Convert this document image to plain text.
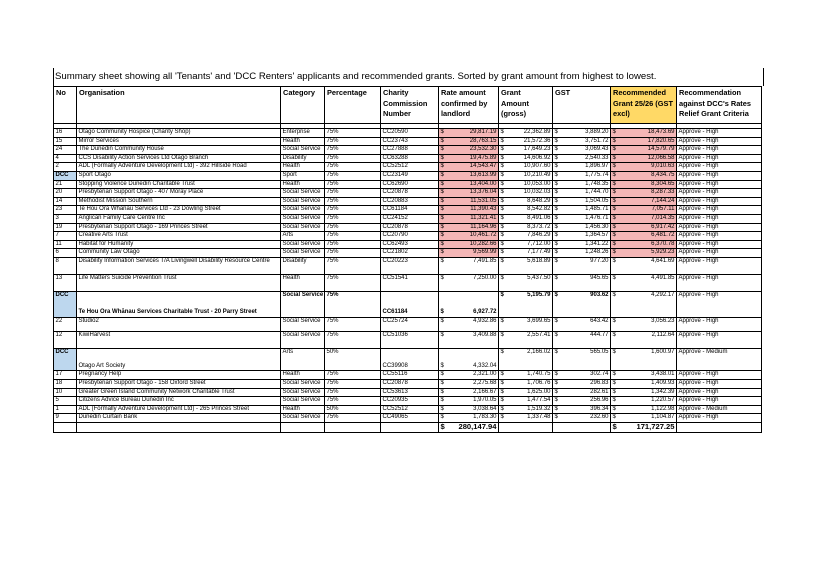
Summary sheet showing all 'Tenants' and 'DCC Renters' applicants and recommended grants. Sorted by grant amount from highest to lowest.
No	Organisation	Category	Percentage	Charity Commission Number	Rate amount confirmed by landlord	Grant Amount (gross)	GST	Recommended Grant 25/26 (GST excl)	Recommendation against DCC's Rates Relief Grant Criteria

16	Otago Community Hospice (Charity Shop)	Enterprise	75%	CC20590	$ 29,817.19	$ 22,362.89	$ 3,889.20	$ 18,473.69	Approve - High
15	Mirror Services	Health	75%	CC23743	$ 28,763.15	$ 21,572.36	$ 3,751.72	$ 17,820.65	Approve - High
24	The Dunedin Community House	Social Service	75%	CC27888	$ 23,532.30	$ 17,649.23	$ 3,069.43	$ 14,579.79	Approve - High
4	CCS Disability Action Services Ltd Otago Branch	Disability	75%	CC63288	$ 19,475.89	$ 14,606.92	$ 2,540.33	$ 12,066.58	Approve - High
2	ADL (Formally Adventure Development Ltd) - 392 Hillside Road	Health	75%	CC52512	$ 14,543.47	$ 10,907.60	$ 1,896.97	$ 9,010.63	Approve - High
DCC	Sport Otago	Sport	75%	CC23149	$ 13,613.99	$ 10,210.49	$ 1,775.74	$ 8,434.75	Approve - High
21	Stopping Violence Dunedin Charitable Trust	Health	75%	CC62690	$ 13,404.00	$ 10,053.00	$ 1,748.35	$ 8,304.65	Approve - High
20	Presbyterian Support Otago - 407 Moray Place	Social Service	75%	CC20878	$ 13,376.04	$ 10,032.03	$ 1,744.70	$ 8,287.33	Approve - High
14	Methodist Mission Southern	Social Service	75%	CC20883	$ 11,531.05	$ 8,648.29	$ 1,504.05	$ 7,144.24	Approve - High
23	Te Hou Ora Whanau Services Ltd - 23 Dowling Street	Social Service	75%	CC61184	$ 11,390.43	$ 8,542.82	$ 1,485.71	$ 7,057.11	Approve - High
3	Anglican Family Care Centre Inc	Social Service	75%	CC24152	$ 11,321.41	$ 8,491.06	$ 1,476.71	$ 7,014.35	Approve - High
19	Presbyterian Support Otago - 169 Princes Street	Social Service	75%	CC20878	$ 11,164.96	$ 8,373.72	$ 1,456.30	$ 6,917.42	Approve - High
7	Creative Arts Trust	Arts	75%	CC20790	$ 10,461.72	$ 7,846.29	$ 1,364.57	$ 6,481.72	Approve - High
11	Habitat for Humanity	Social Service	75%	CC62493	$ 10,282.66	$ 7,712.00	$ 1,341.22	$ 6,370.78	Approve - High
6	Community Law Otago	Social Service	75%	CC21802	$ 9,569.99	$ 7,177.49	$ 1,248.26	$ 5,929.23	Approve - High
8	Disability Information Services T/A Livingwell Disability Resource Centre	Disability	75%	CC20223	$ 7,491.85	$ 5,618.89	$ 977.20	$ 4,641.69	Approve - High
13	Life Matters Suicide Prevention Trust	Health	75%	CC51541	$ 7,250.00	$ 5,437.50	$ 945.65	$ 4,491.85	Approve - High
DCC	Te Hou Ora Whānau Services Charitable Trust - 20 Parry Street	Social Service	75%	CC61184	$ 6,927.72	$ 5,195.79	$ 903.62	$ 4,292.17	Approve - High
22	Studio2	Social Service	75%	CC25724	$ 4,932.86	$ 3,699.65	$ 643.42	$ 3,056.23	Approve - High
12	KiwiHarvest	Social Service	75%	CC51036	$ 3,409.88	$ 2,557.41	$ 444.77	$ 2,112.64	Approve - High
DCC	Otago Art Society	Arts	50%	CC39908	$ 4,332.04	$ 2,166.02	$ 565.05	$ 1,600.97	Approve - Medium
17	Pregnancy Help	Health	75%	CC55116	$ 2,321.00	$ 1,740.75	$ 302.74	$ 3,438.01	Approve - High
18	Presbyterian Support Otago - 158 Oxford Street	Social Service	75%	CC20878	$ 2,275.68	$ 1,706.76	$ 296.83	$ 1,409.93	Approve - High
10	Greater Green Island Community Network Charitable Trust	Social Service	75%	CC53613	$ 2,166.67	$ 1,625.00	$ 282.61	$ 1,342.39	Approve - High
5	Citizens Advice Bureau Dunedin Inc	Social Service	75%	CC20935	$ 1,970.05	$ 1,477.54	$ 256.96	$ 1,220.57	Approve - High
1	ADL (Formally Adventure Development Ltd) - 265 Princes Street	Health	50%	CC52512	$ 3,038.64	$ 1,519.32	$ 396.34	$ 1,122.98	Approve - Medium
9	Dunedin Curtain Bank	Social Service	75%	CC49065	$ 1,783.30	$ 1,337.48	$ 232.60	$ 1,104.87	Approve - High

					$ 280,147.94			$ 171,727.25	
